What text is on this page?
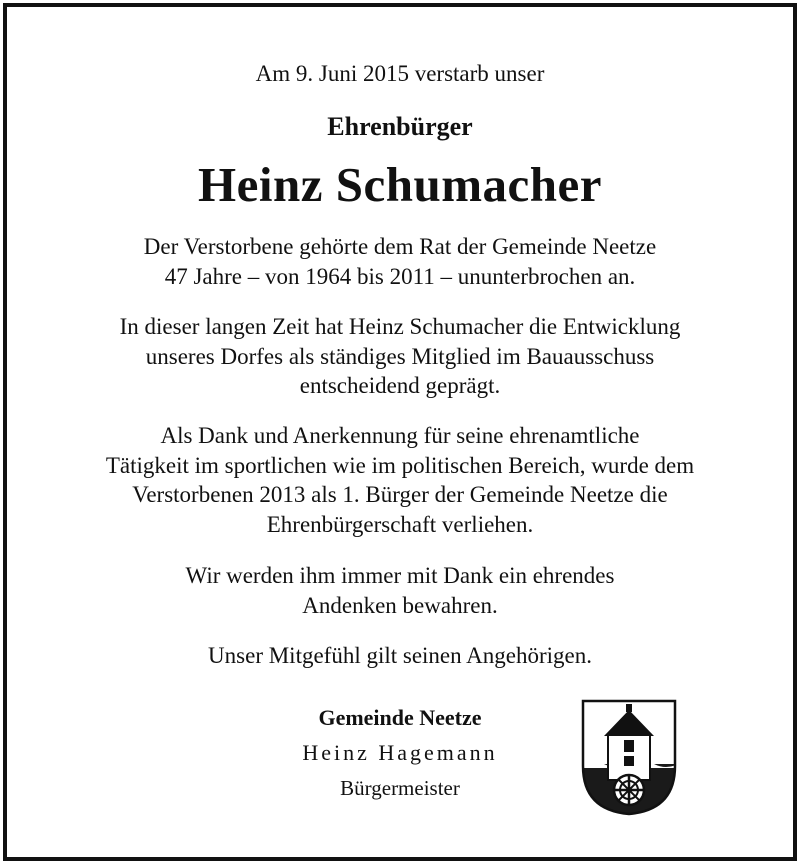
Am 9. Juni 2015 verstarb unser
Ehrenbürger
Heinz Schumacher
Der Verstorbene gehörte dem Rat der Gemeinde Neetze
47 Jahre – von 1964 bis 2011 – ununterbrochen an.
In dieser langen Zeit hat Heinz Schumacher die Entwicklung
unseres Dorfes als ständiges Mitglied im Bauausschuss
entscheidend geprägt.
Als Dank und Anerkennung für seine ehrenamtliche
Tätigkeit im sportlichen wie im politischen Bereich, wurde dem
Verstorbenen 2013 als 1. Bürger der Gemeinde Neetze die
Ehrenbürgerschaft verliehen.
Wir werden ihm immer mit Dank ein ehrendes
Andenken bewahren.
Unser Mitgefühl gilt seinen Angehörigen.
Gemeinde Neetze
Heinz Hagemann
Bürgermeister
